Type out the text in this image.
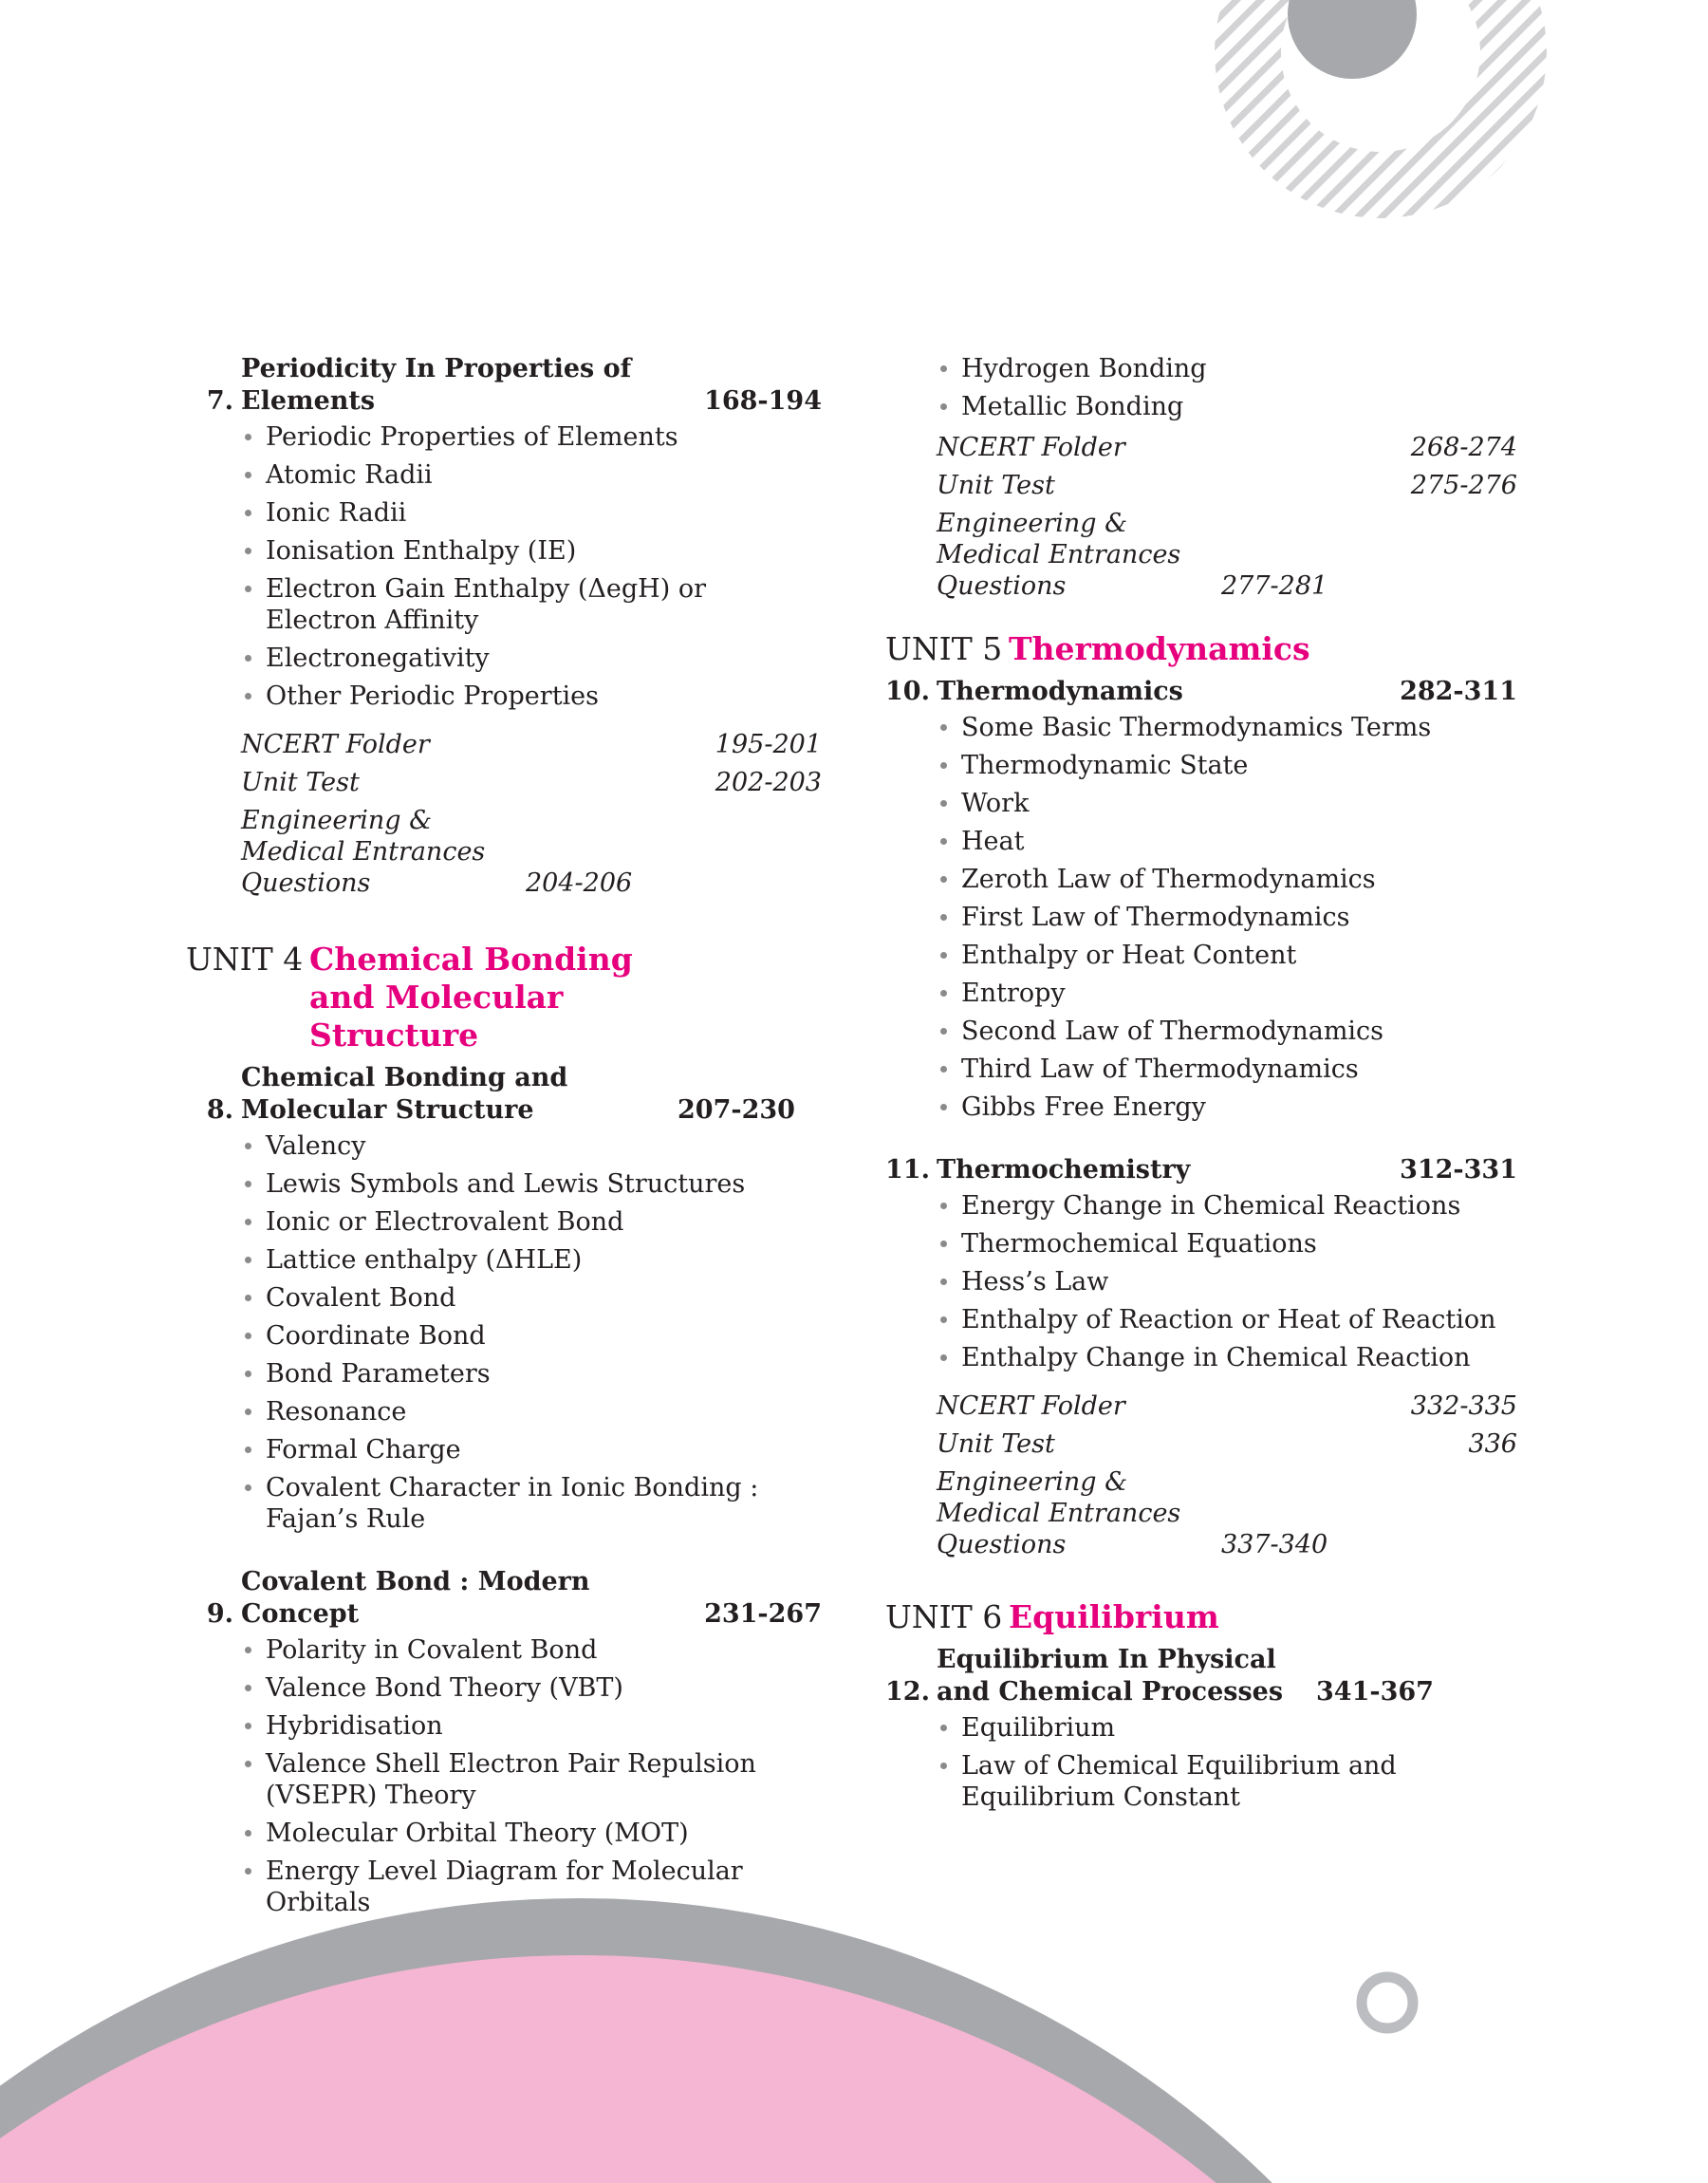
7.
Periodicity In Properties of Elements	168-194
Periodic Properties of Elements
Atomic Radii
Ionic Radii
Ionisation Enthalpy (IE)
Electron Gain Enthalpy (ΔegH) or Electron Affinity
Electronegativity
Other Periodic Properties
NCERT Folder	195-201
Unit Test	202-203
Engineering & Medical Entrances Questions	204-206
UNIT 4 Chemical Bonding and Molecular Structure
8.
Chemical Bonding and Molecular Structure	207-230
Valency
Lewis Symbols and Lewis Structures
Ionic or Electrovalent Bond
Lattice enthalpy (ΔHLE)
Covalent Bond
Coordinate Bond
Bond Parameters
Resonance
Formal Charge
Covalent Character in Ionic Bonding : Fajan’s Rule
9.
Covalent Bond : Modern Concept	231-267
Polarity in Covalent Bond
Valence Bond Theory (VBT)
Hybridisation
Valence Shell Electron Pair Repulsion (VSEPR) Theory
Molecular Orbital Theory (MOT)
Energy Level Diagram for Molecular Orbitals
Hydrogen Bonding
Metallic Bonding
NCERT Folder	268-274
Unit Test	275-276
Engineering & Medical Entrances Questions	277-281
UNIT 5 Thermodynamics
10. Thermodynamics	282-311
Some Basic Thermodynamics Terms
Thermodynamic State
Work
Heat
Zeroth Law of Thermodynamics
First Law of Thermodynamics
Enthalpy or Heat Content
Entropy
Second Law of Thermodynamics
Third Law of Thermodynamics
Gibbs Free Energy
11. Thermochemistry	312-331
Energy Change in Chemical Reactions
Thermochemical Equations
Hess’s Law
Enthalpy of Reaction or Heat of Reaction
Enthalpy Change in Chemical Reaction
NCERT Folder	332-335
Unit Test	336
Engineering & Medical Entrances Questions	337-340
UNIT 6 Equilibrium
12.
Equilibrium In Physical and Chemical Processes	341-367
Equilibrium
Law of Chemical Equilibrium and Equilibrium Constant
